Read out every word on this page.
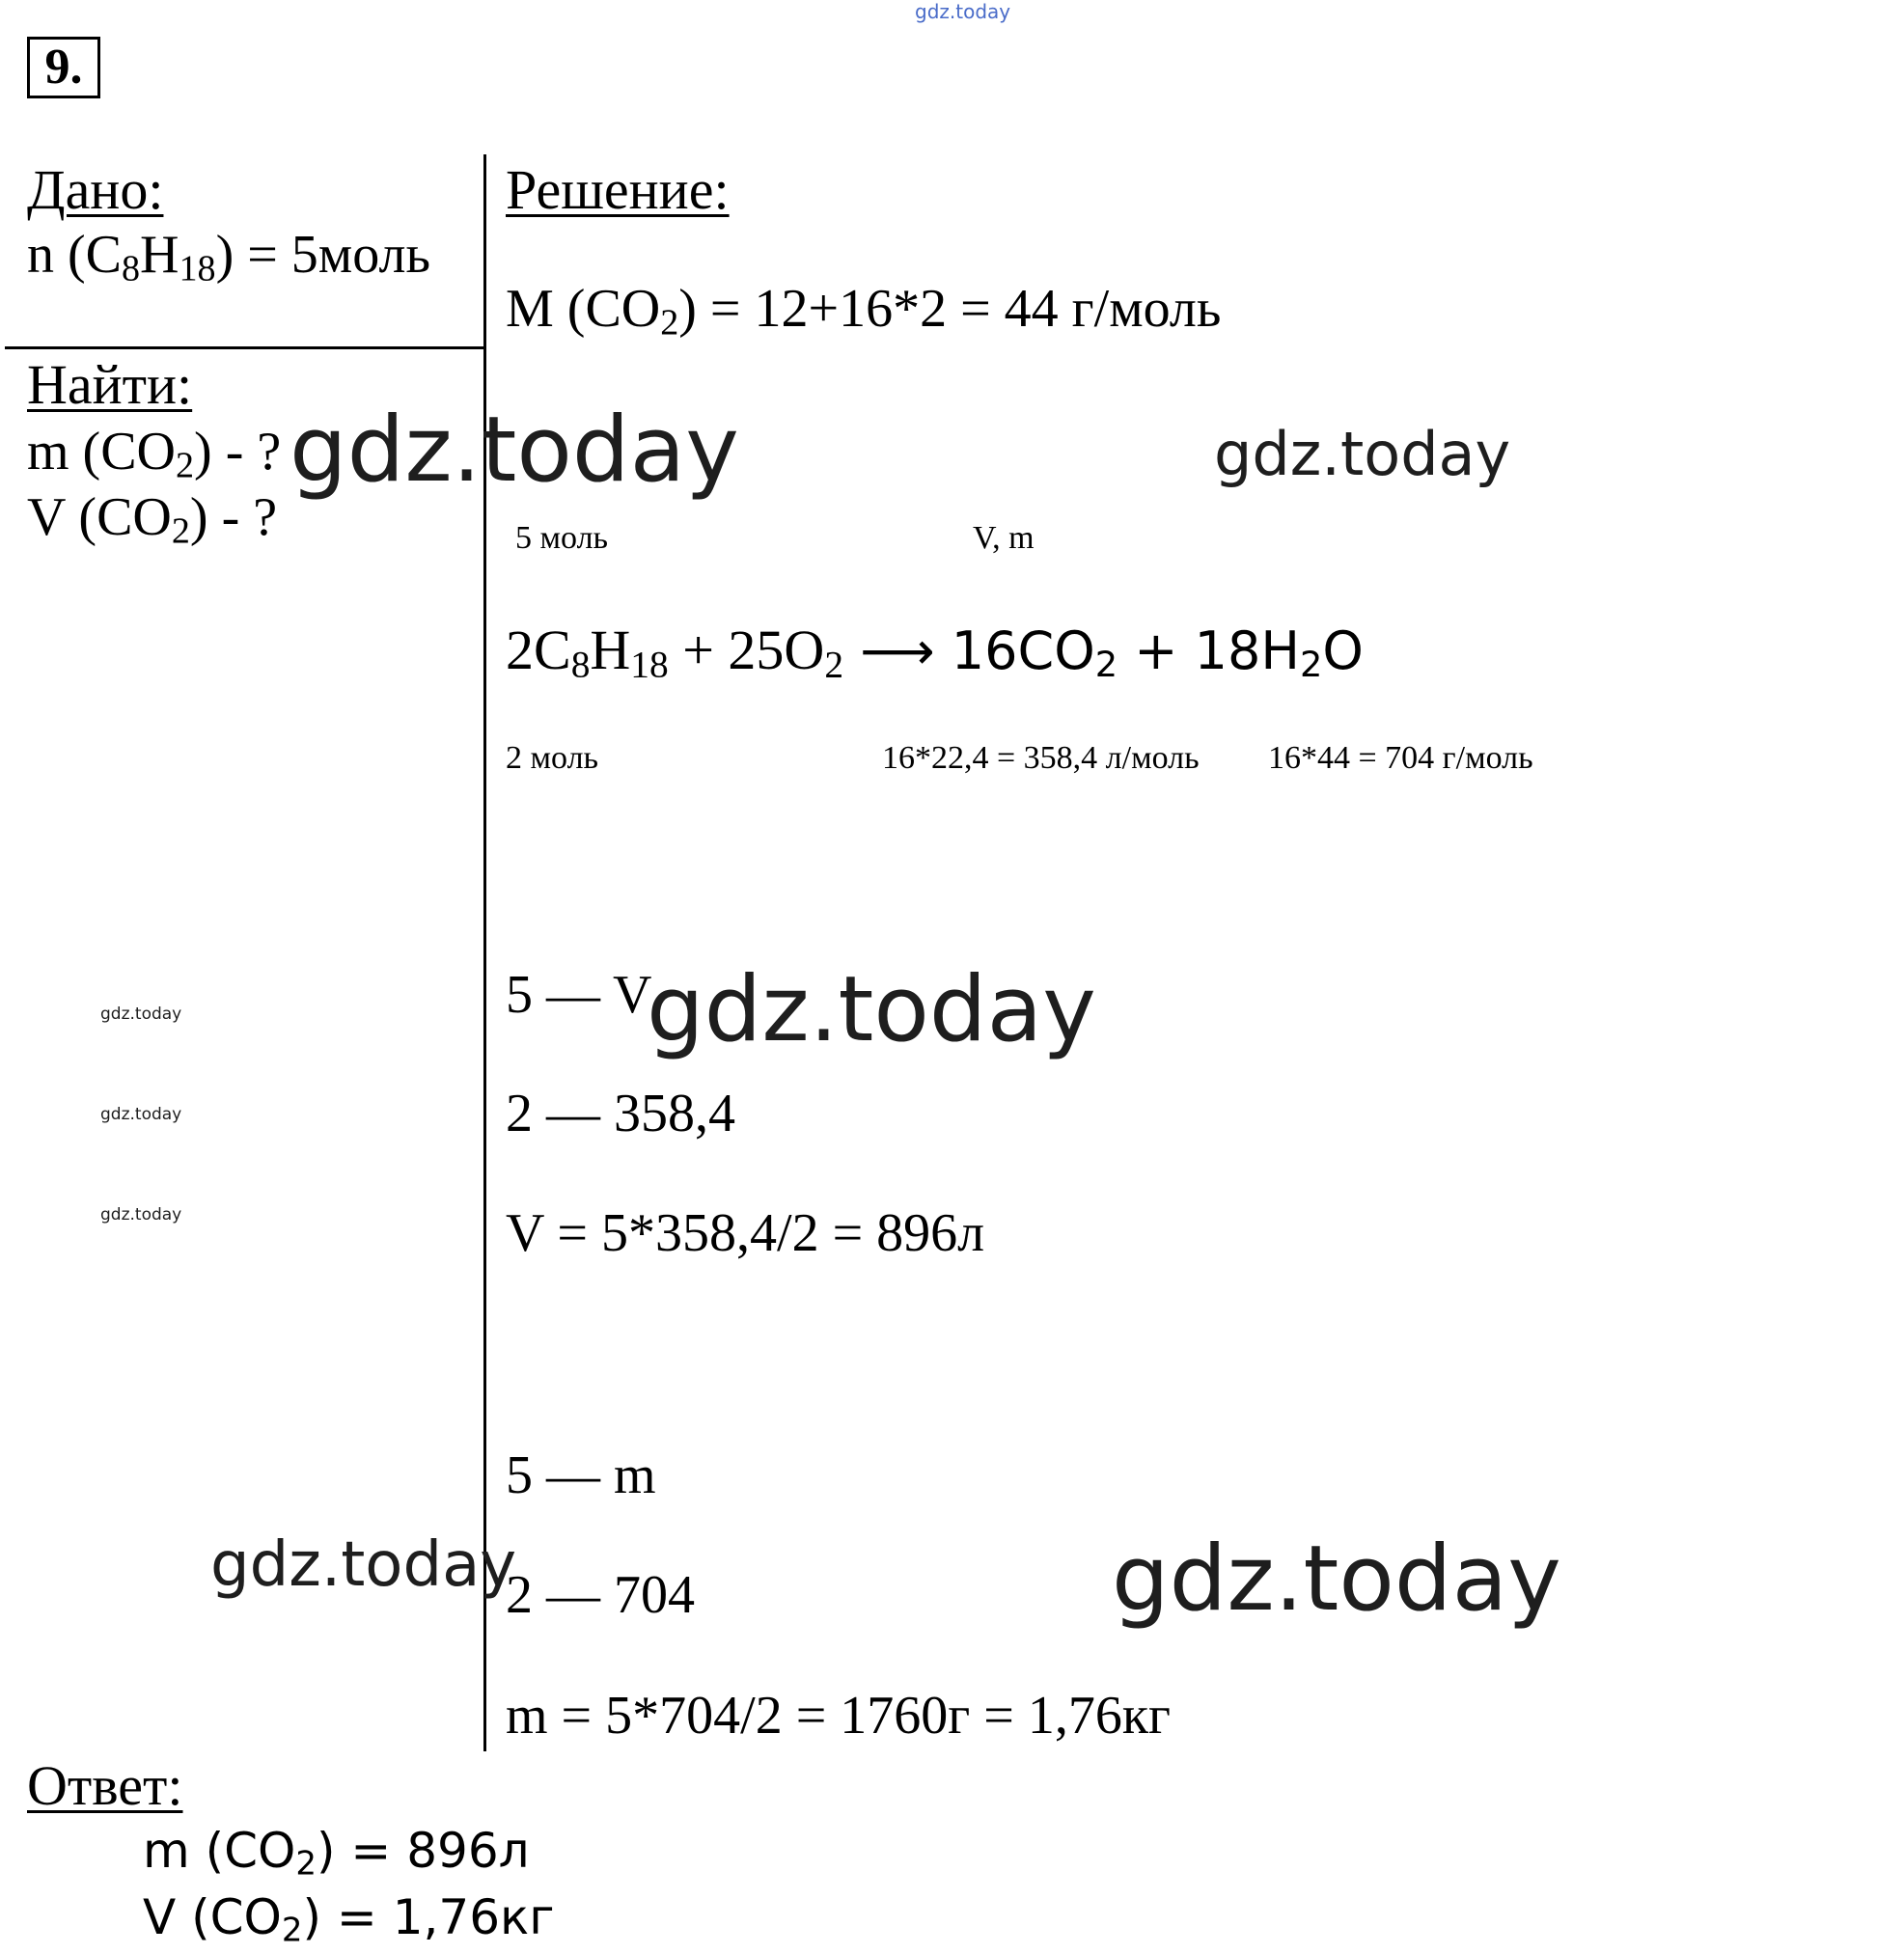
9.
Дано:
n $(C_8H_{18})$ = 5моль
Найти:
m $(CO_2)$ - ?
V $(CO_2)$ - ?
Решение:
M $(CO_2) = 12+16*2 = 44$ г/моль
5 моль	V, m
$2C_8H_{18} + 25O_2$ ⟶ $16CO_2 + 18H_2O$
2 моль	16*22,4 = 358,4 л/моль 16*44 = 704 г/моль
5 — V
2 — 358,4
V = 5*358,4/2 = 896л
5 — m
2 — 704
m = 5*704/2 = 1760г = 1,76кг
Ответ:
m $(CO_2) = 896л$
V $(CO_2) = 1,76кг$
gdz.today
gdz.today	gdz.today
gdz.today
gdz.today
gdz.today
gdz.today
gdz.today	gdz.today
